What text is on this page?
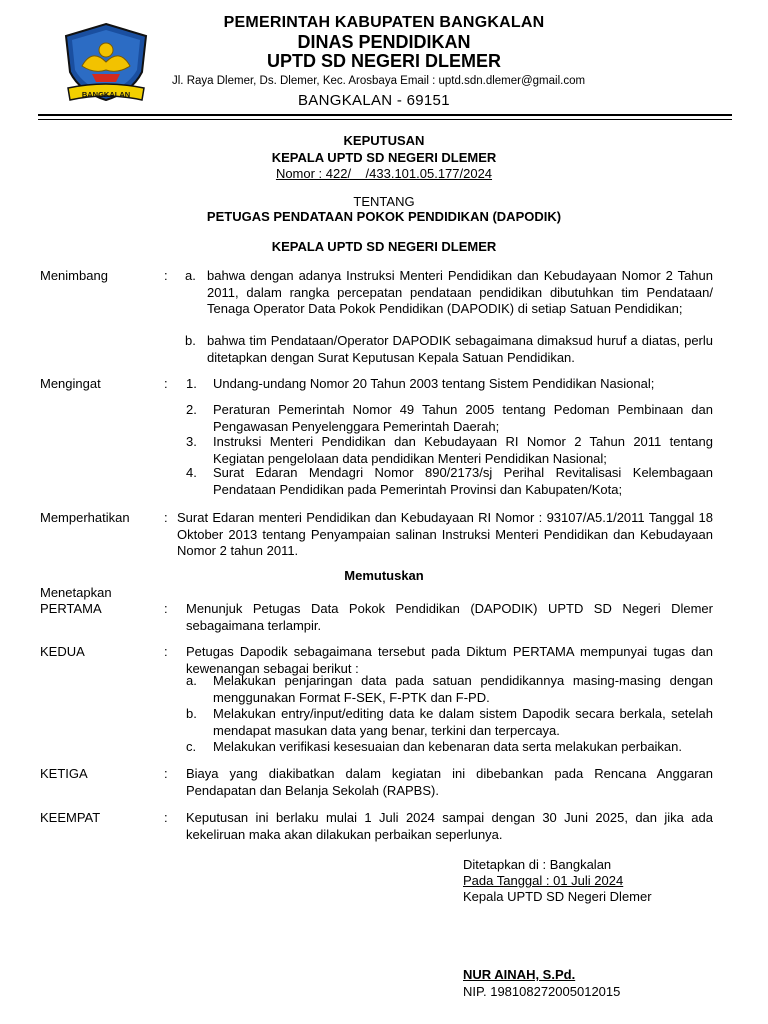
BANGKALAN
PEMERINTAH KABUPATEN BANGKALAN
DINAS PENDIDIKAN
UPTD SD NEGERI DLEMER
Jl. Raya Dlemer, Ds. Dlemer, Kec. Arosbaya Email : uptd.sdn.dlemer@gmail.com
BANGKALAN - 69151
KEPUTUSAN
KEPALA UPTD SD NEGERI DLEMER
Nomor : 422/    /433.101.05.177/2024
TENTANG
PETUGAS PENDATAAN POKOK PENDIDIKAN (DAPODIK)
KEPALA UPTD SD NEGERI DLEMER
Menimbang	: a. bahwa dengan adanya Instruksi Menteri Pendidikan dan Kebudayaan Nomor 2 Tahun 2011, dalam rangka percepatan pendataan pendidikan dibutuhkan tim Pendataan/ Tenaga Operator Data Pokok Pendidikan (DAPODIK) di setiap Satuan Pendidikan;
b. bahwa tim Pendataan/Operator DAPODIK sebagaimana dimaksud huruf a diatas, perlu ditetapkan dengan Surat Keputusan Kepala Satuan Pendidikan.
Mengingat	: 1. Undang-undang Nomor 20 Tahun 2003 tentang Sistem Pendidikan Nasional;
2. Peraturan Pemerintah Nomor 49 Tahun 2005 tentang Pedoman Pembinaan dan Pengawasan Penyelenggara Pemerintah Daerah;
3. Instruksi Menteri Pendidikan dan Kebudayaan RI Nomor 2 Tahun 2011 tentang Kegiatan pengelolaan data pendidikan Menteri Pendidikan Nasional;
4. Surat Edaran Mendagri Nomor 890/2173/sj Perihal Revitalisasi Kelembagaan Pendataan Pendidikan pada Pemerintah Provinsi dan Kabupaten/Kota;
Memperhatikan	: Surat Edaran menteri Pendidikan dan Kebudayaan RI Nomor : 93107/A5.1/2011 Tanggal 18 Oktober 2013 tentang Penyampaian salinan Instruksi Menteri Pendidikan dan Kebudayaan Nomor 2 tahun 2011.
Memutuskan
Menetapkan
PERTAMA	: Menunjuk Petugas Data Pokok Pendidikan (DAPODIK) UPTD SD Negeri Dlemer sebagaimana terlampir.
KEDUA	: Petugas Dapodik sebagaimana tersebut pada Diktum PERTAMA mempunyai tugas dan kewenangan sebagai berikut :
a. Melakukan penjaringan data pada satuan pendidikannya masing-masing dengan menggunakan Format F-SEK, F-PTK dan F-PD.
b. Melakukan entry/input/editing data ke dalam sistem Dapodik secara berkala, setelah mendapat masukan data yang benar, terkini dan terpercaya.
c. Melakukan verifikasi kesesuaian dan kebenaran data serta melakukan perbaikan.
KETIGA	: Biaya yang diakibatkan dalam kegiatan ini dibebankan pada Rencana Anggaran Pendapatan dan Belanja Sekolah (RAPBS).
KEEMPAT	: Keputusan ini berlaku mulai 1 Juli 2024 sampai dengan 30 Juni 2025, dan jika ada kekeliruan maka akan dilakukan perbaikan seperlunya.
Ditetapkan di : Bangkalan
Pada Tanggal : 01 Juli 2024
Kepala UPTD SD Negeri Dlemer
NUR AINAH, S.Pd.
NIP. 198108272005012015
